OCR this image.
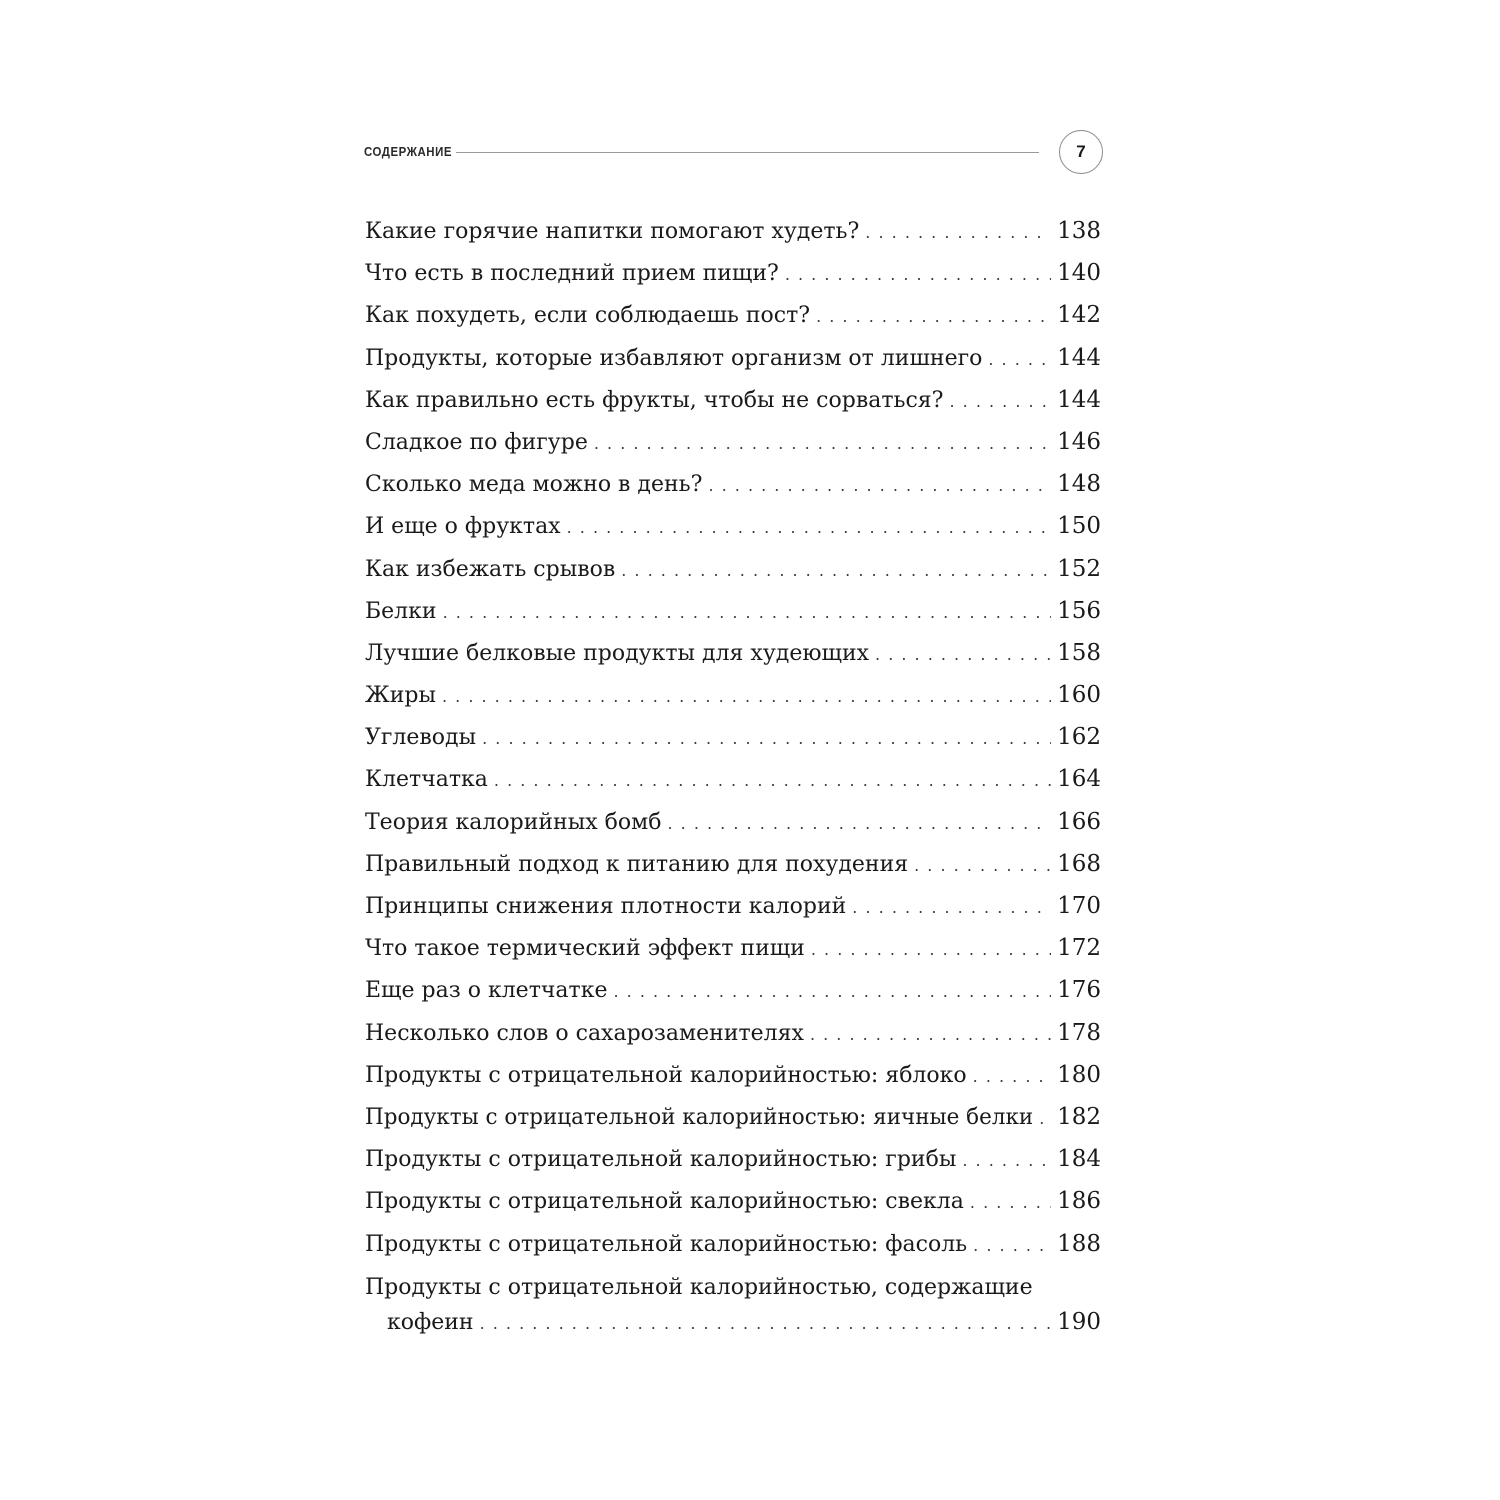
СОДЕРЖАНИЕ	7
Какие горячие напитки помогают худеть? . . .	138
Что есть в последний прием пищи? . . .	140
Как похудеть, если соблюдаешь пост? . . .	142
Продукты, которые избавляют организм от лишнего . . .	144
Как правильно есть фрукты, чтобы не сорваться? . . .	144
Сладкое по фигуре . . .	146
Сколько меда можно в день? . . .	148
И еще о фруктах . . .	150
Как избежать срывов . . .	152
Белки . . .	156
Лучшие белковые продукты для худеющих . . .	158
Жиры . . .	160
Углеводы . . .	162
Клетчатка . . .	164
Теория калорийных бомб . . .	166
Правильный подход к питанию для похудения . . .	168
Принципы снижения плотности калорий . . .	170
Что такое термический эффект пищи . . .	172
Еще раз о клетчатке . . .	176
Несколько слов о сахарозаменителях . . .	178
Продукты с отрицательной калорийностью: яблоко . . .	180
Продукты с отрицательной калорийностью: яичные белки . . . 182
Продукты с отрицательной калорийностью: грибы . . .	184
Продукты с отрицательной калорийностью: свекла . . .	186
Продукты с отрицательной калорийностью: фасоль . . .	188
Продукты с отрицательной калорийностью, содержащие
кофеин . . .	190
